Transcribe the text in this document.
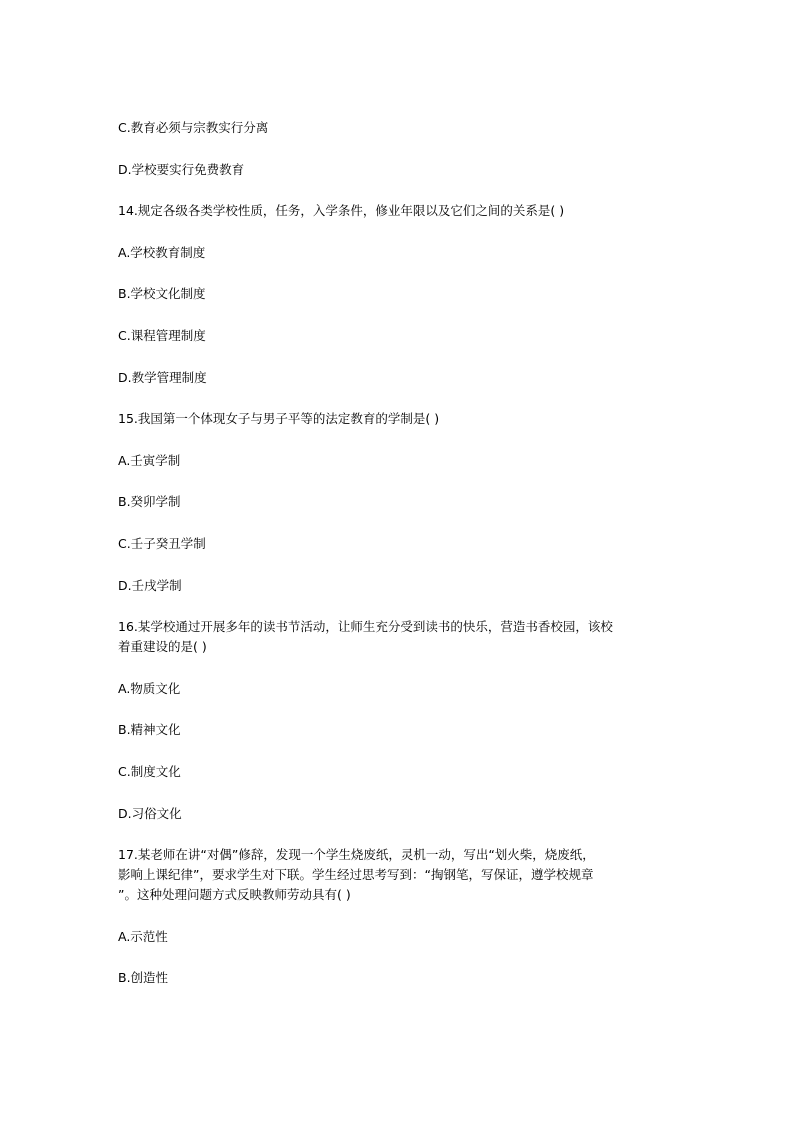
C.教育必须与宗教实行分离

D.学校要实行免费教育

14.规定各级各类学校性质，任务，入学条件，修业年限以及它们之间的关系是( )

A.学校教育制度

B.学校文化制度

C.课程管理制度

D.教学管理制度

15.我国第一个体现女子与男子平等的法定教育的学制是( )

A.壬寅学制

B.癸卯学制

C.壬子癸丑学制

D.壬戌学制

16.某学校通过开展多年的读书节活动，让师生充分受到读书的快乐，营造书香校园，该校
着重建设的是( )

A.物质文化

B.精神文化

C.制度文化

D.习俗文化

17.某老师在讲“对偶”修辞，发现一个学生烧废纸，灵机一动，写出“划火柴，烧废纸，
影响上课纪律”，要求学生对下联。学生经过思考写到：“掏钢笔，写保证，遵学校规章
”。这种处理问题方式反映教师劳动具有( )

A.示范性

B.创造性
